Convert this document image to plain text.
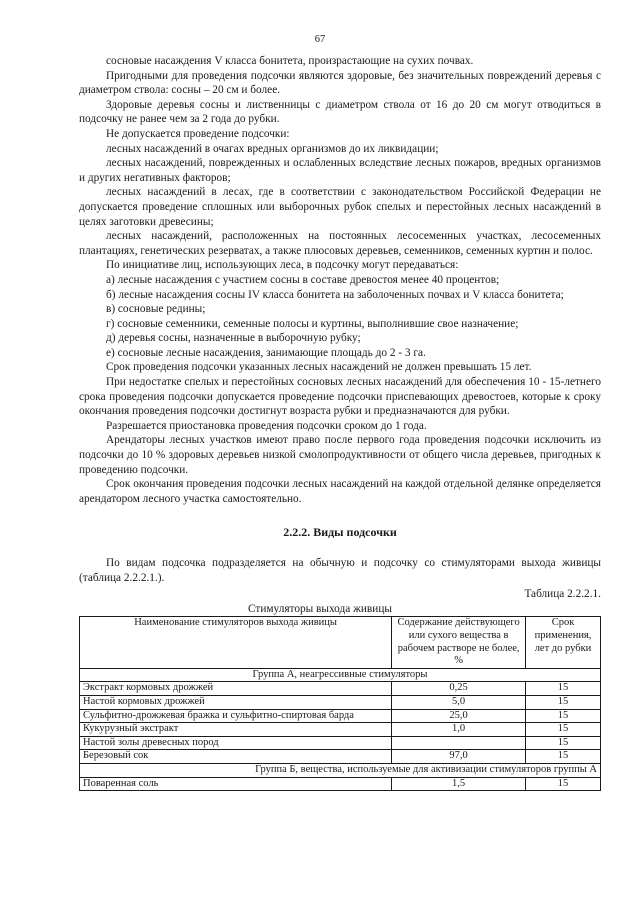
67

сосновые насаждения V класса бонитета, произрастающие на сухих почвах.

Пригодными для проведения подсочки являются здоровые, без значительных повреждений деревья с диаметром ствола: сосны – 20 см и более.

Здоровые деревья сосны и лиственницы с диаметром ствола от 16 до 20 см могут отводиться в подсочку не ранее чем за 2 года до рубки.

Не допускается проведение подсочки:

лесных насаждений в очагах вредных организмов до их ликвидации;

лесных насаждений, поврежденных и ослабленных вследствие лесных пожаров, вредных организмов и других негативных факторов;

лесных насаждений в лесах, где в соответствии с законодательством Российской Федерации не допускается проведение сплошных или выборочных рубок спелых и перестойных лесных насаждений в целях заготовки древесины;

лесных насаждений, расположенных на постоянных лесосеменных участках, лесосеменных плантациях, генетических резерватах, а также плюсовых деревьев, семенников, семенных куртин и полос.

По инициативе лиц, использующих леса, в подсочку могут передаваться:

а) лесные насаждения с участием сосны в составе древостоя менее 40 процентов;

б) лесные насаждения сосны IV класса бонитета на заболоченных почвах и V класса бонитета;

в) сосновые редины;

г) сосновые семенники, семенные полосы и куртины, выполнившие свое назначение;

д) деревья сосны, назначенные в выборочную рубку;

е) сосновые лесные насаждения, занимающие площадь до 2 - 3 га.

Срок проведения подсочки указанных лесных насаждений не должен превышать 15 лет.

При недостатке спелых и перестойных сосновых лесных насаждений для обеспечения 10 - 15-летнего срока проведения подсочки допускается проведение подсочки приспевающих древостоев, которые к сроку окончания проведения подсочки достигнут возраста рубки и предназначаются для рубки.

Разрешается приостановка проведения подсочки сроком до 1 года.

Арендаторы лесных участков имеют право после первого года проведения подсочки исключить из подсочки до 10 % здоровых деревьев низкой смолопродуктивности от общего числа деревьев, пригодных к проведению подсочки.

Срок окончания проведения подсочки лесных насаждений на каждой отдельной делянке определяется арендатором лесного участка самостоятельно.

2.2.2. Виды подсочки

По видам подсочка подразделяется на обычную и подсочку со стимуляторами выхода живицы (таблица 2.2.2.1.).

Таблица 2.2.2.1.
Стимуляторы выхода живицы
Наименование стимуляторов выхода живицы	Содержание действующего или сухого вещества в рабочем растворе не более, %	Срок применения, лет до рубки
Группа А, неагрессивные стимуляторы		
Экстракт кормовых дрожжей	0,25	15
Настой кормовых дрожжей	5,0	15
Сульфитно-дрожжевая бражка и сульфитно-спиртовая барда	25,0	15
Кукурузный экстракт	1,0	15
Настой золы древесных пород		15
Березовый сок	97,0	15
Группа Б, вещества, используемые для активизации стимуляторов группы А		
Поваренная соль	1,5	15
